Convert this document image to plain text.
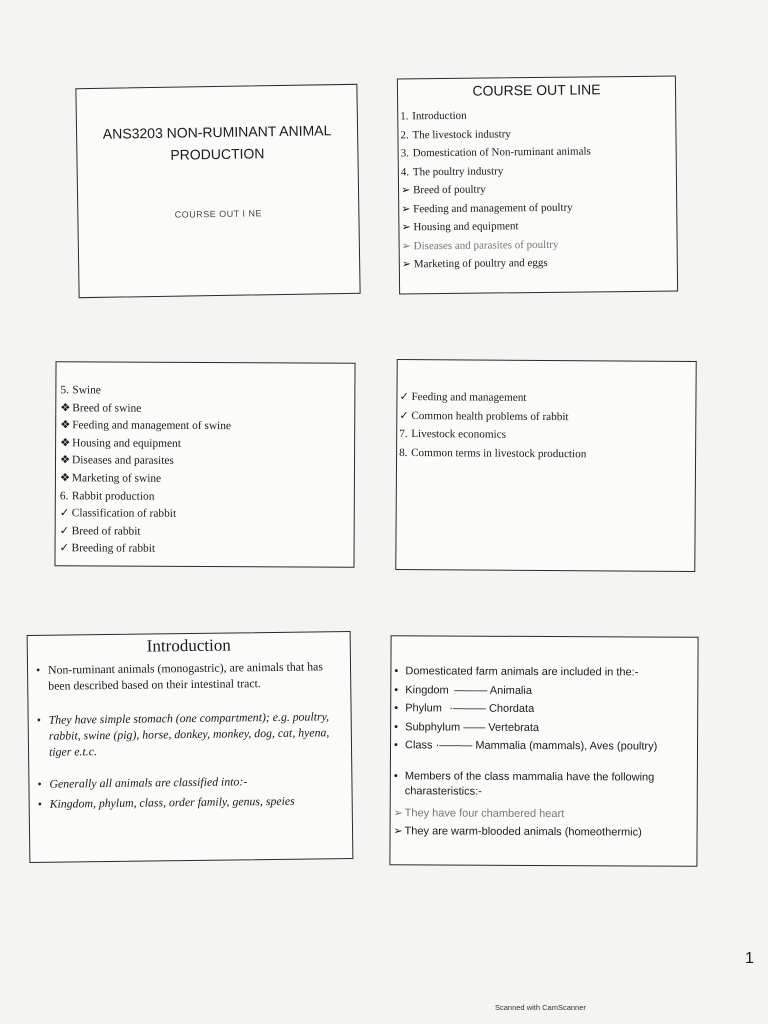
ANS3203 NON-RUMINANT ANIMAL
PRODUCTION
COURSE OUT I NE
COURSE OUT LINE
1. Introduction
2. The livestock industry
3. Domestication of Non-ruminant animals
4. The poultry industry
➢ Breed of poultry
➢ Feeding and management of poultry
➢ Housing and equipment
➢ Diseases and parasites of poultry
➢ Marketing of poultry and eggs
5. Swine
❖ Breed of swine
❖ Feeding and management of swine
❖ Housing and equipment
❖ Diseases and parasites
❖ Marketing of swine
6. Rabbit production
✓ Classification of rabbit
✓ Breed of rabbit
✓ Breeding of rabbit
✓ Feeding and management
✓ Common health problems of rabbit
7. Livestock economics
8. Common terms in livestock production
Introduction
• Non-ruminant animals (monogastric), are animals that has been described based on their intestinal tract.
• They have simple stomach (one compartment); e.g. poultry, rabbit, swine (pig), horse, donkey, monkey, dog, cat, hyena, tiger e.t.c.
• Generally all animals are classified into:-
• Kingdom, phylum, class, order family, genus, speies
• Domesticated farm animals are included in the:-
• Kingdom ——— Animalia
• Phylum ·——— Chordata
• Subphylum —— Vertebrata
• Class ·——— Mammalia (mammals), Aves (poultry)
• Members of the class mammalia have the following charasteristics:-
➢ They have four chambered heart
➢ They are warm-blooded animals (homeothermic)
1
Scanned with CamScanner
